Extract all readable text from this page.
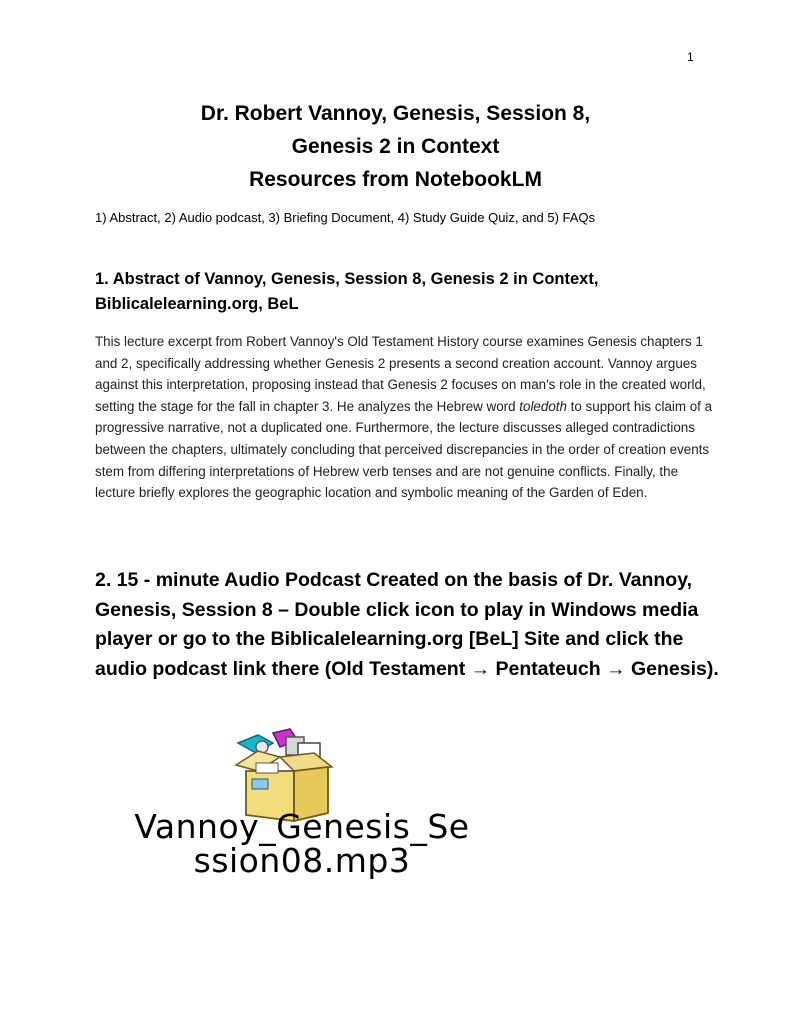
1
Dr. Robert Vannoy, Genesis, Session 8,
Genesis 2 in Context
Resources from NotebookLM
1) Abstract, 2) Audio podcast, 3) Briefing Document, 4) Study Guide Quiz, and 5) FAQs
1. Abstract of Vannoy, Genesis, Session 8, Genesis 2 in Context, Biblicalelearning.org, BeL
This lecture excerpt from Robert Vannoy's Old Testament History course examines Genesis chapters 1 and 2, specifically addressing whether Genesis 2 presents a second creation account. Vannoy argues against this interpretation, proposing instead that Genesis 2 focuses on man's role in the created world, setting the stage for the fall in chapter 3. He analyzes the Hebrew word toledoth to support his claim of a progressive narrative, not a duplicated one. Furthermore, the lecture discusses alleged contradictions between the chapters, ultimately concluding that perceived discrepancies in the order of creation events stem from differing interpretations of Hebrew verb tenses and are not genuine conflicts. Finally, the lecture briefly explores the geographic location and symbolic meaning of the Garden of Eden.
2. 15 - minute Audio Podcast Created on the basis of Dr. Vannoy, Genesis, Session 8 – Double click icon to play in Windows media player or go to the Biblicalelearning.org [BeL] Site and click the audio podcast link there (Old Testament → Pentateuch → Genesis).
Vannoy_Genesis_Se
ssion08.mp3
